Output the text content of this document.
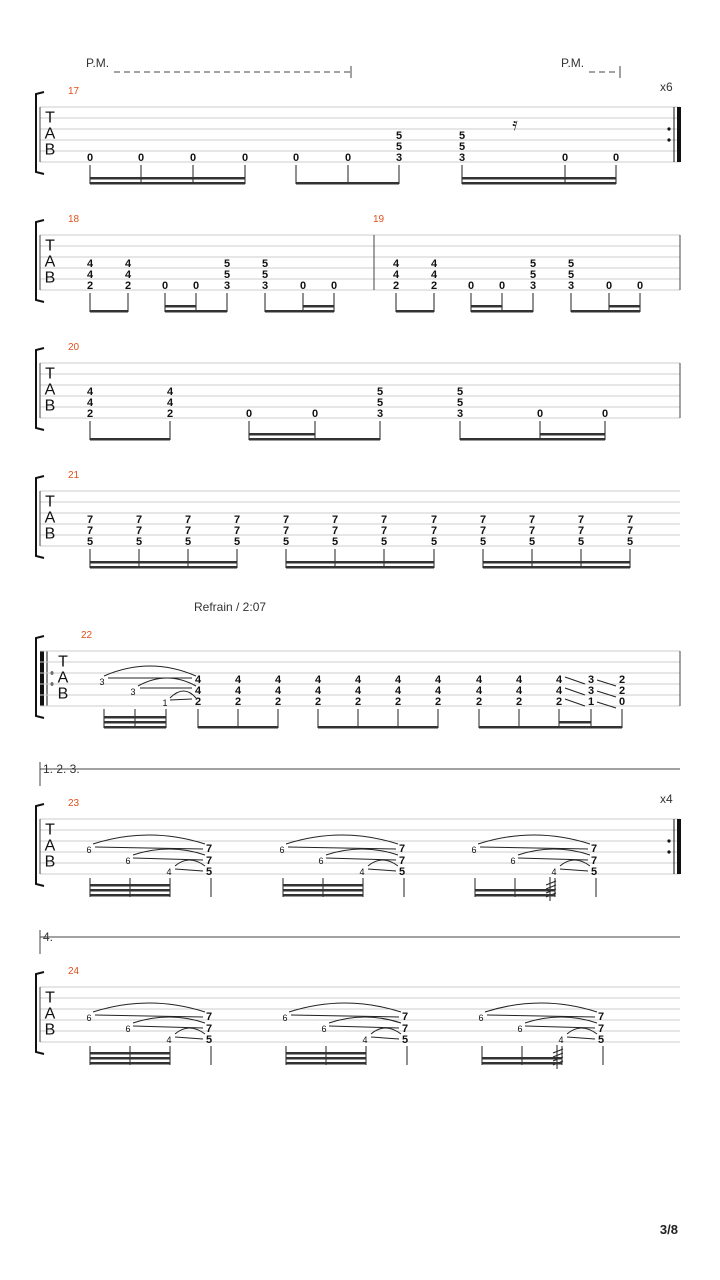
P.M.	P.M.
x6
T
A
B
17
𝄿
0	0	0	0	0	0
5
5
3
5
5
3	0	0
T
A
B
18	19
4
4
2
4
4
2	0 0
5
5
3
5
5
3	0 0
4
4
2
4
4
2	0 0
5
5
3
5
5
3	0 0
T
A
B
20
4
4
2
4
4
2	0	0
5
5
3
5
5
3	0	0
T
A
B
21
7
7
5
7
7
5
7
7
5
7
7
5
7
7
5
7
7
5
7
7
5
7
7
5
7
7
5
7
7
5
7
7
5
7
7
5
Refrain / 2:07
T
A
B
22
3
3
1
4
4
2
4
4
2
4
4
2
4
4
2
4
4
2
4
4
2
4
4
2
4
4
2
4
4
2
4
4
2
3
3
1
2
2
0
1. 2. 3.
x4
T
A
B
23
6
6
4
7
7
5
6
6
4
7
7
5
6
6
4
7
7
5
4.
T
A
B
24
6
6
4
7
7
5
6
6
4
7
7
5
6
6
4
7
7
5
3/8
